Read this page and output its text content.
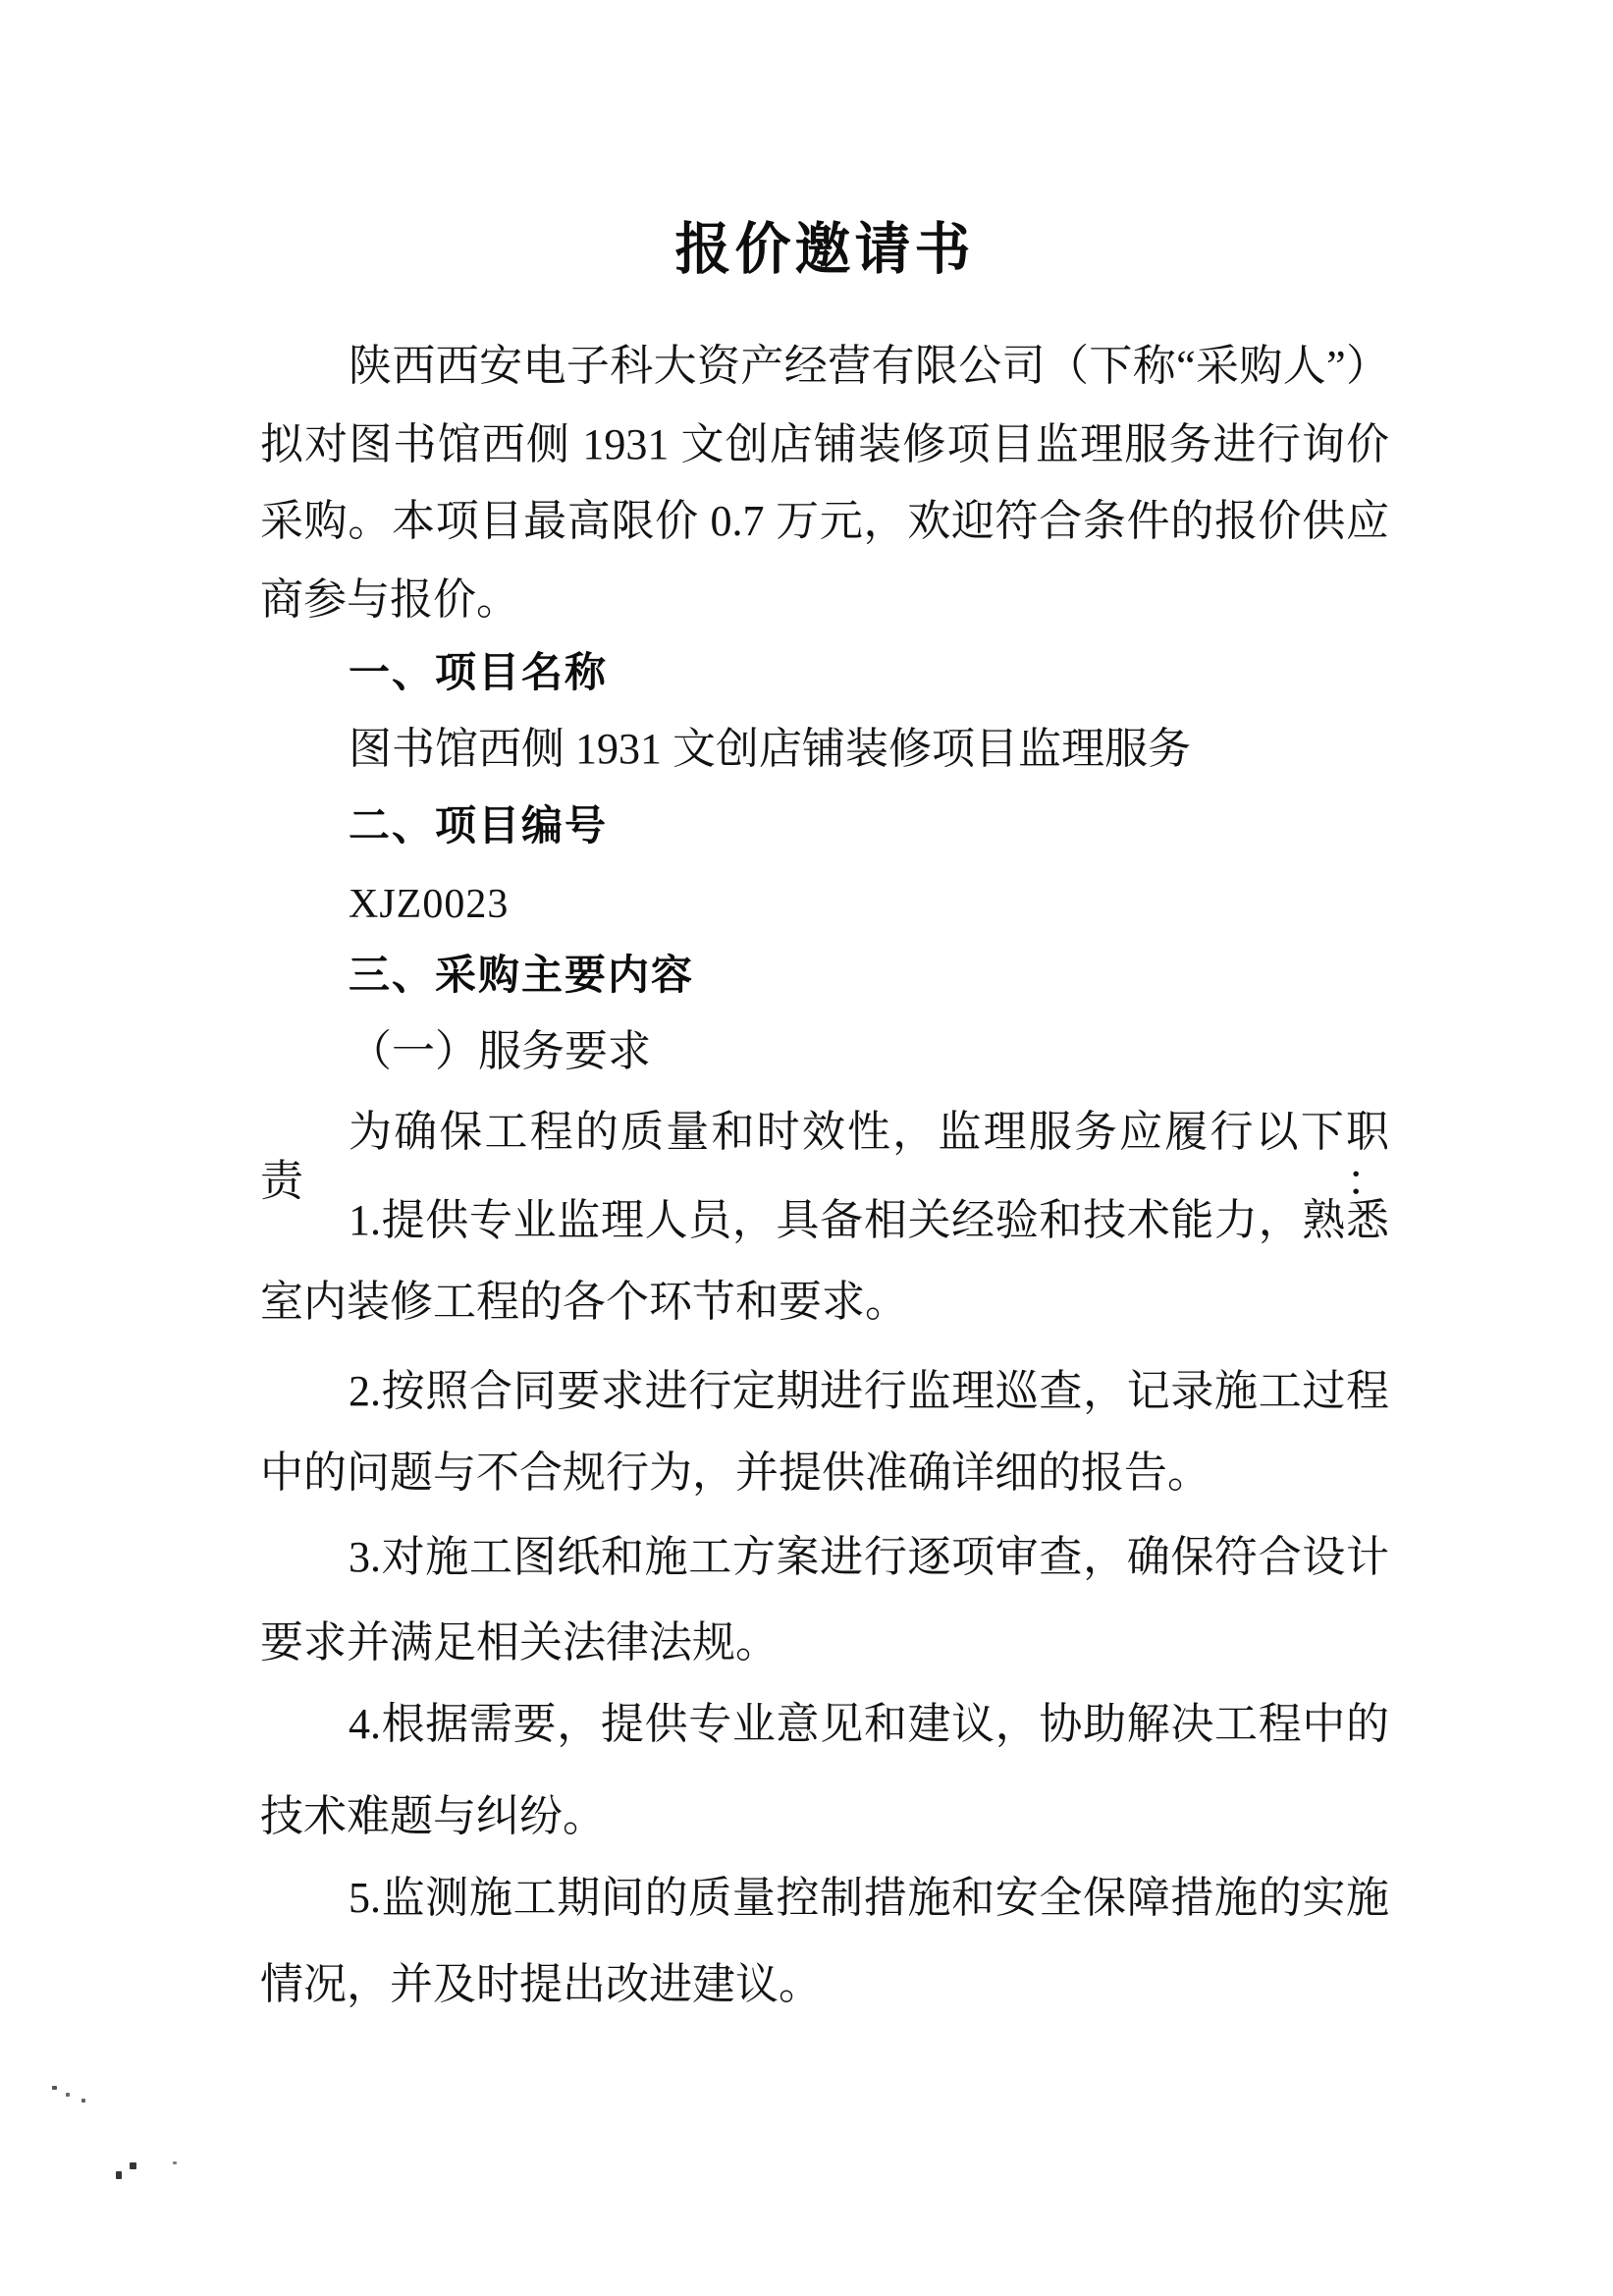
报价邀请书
陕西西安电子科大资产经营有限公司（下称“采购人”）
拟对图书馆西侧 1931 文创店铺装修项目监理服务进行询价
采购。本项目最高限价 0.7 万元，欢迎符合条件的报价供应
商参与报价。
一、项目名称
图书馆西侧 1931 文创店铺装修项目监理服务
二、项目编号
XJZ0023
三、采购主要内容
（一）服务要求
为确保工程的质量和时效性，监理服务应履行以下职责：
1.提供专业监理人员，具备相关经验和技术能力，熟悉
室内装修工程的各个环节和要求。
2.按照合同要求进行定期进行监理巡查，记录施工过程
中的问题与不合规行为，并提供准确详细的报告。
3.对施工图纸和施工方案进行逐项审查，确保符合设计
要求并满足相关法律法规。
4.根据需要，提供专业意见和建议，协助解决工程中的
技术难题与纠纷。
5.监测施工期间的质量控制措施和安全保障措施的实施
情况，并及时提出改进建议。
